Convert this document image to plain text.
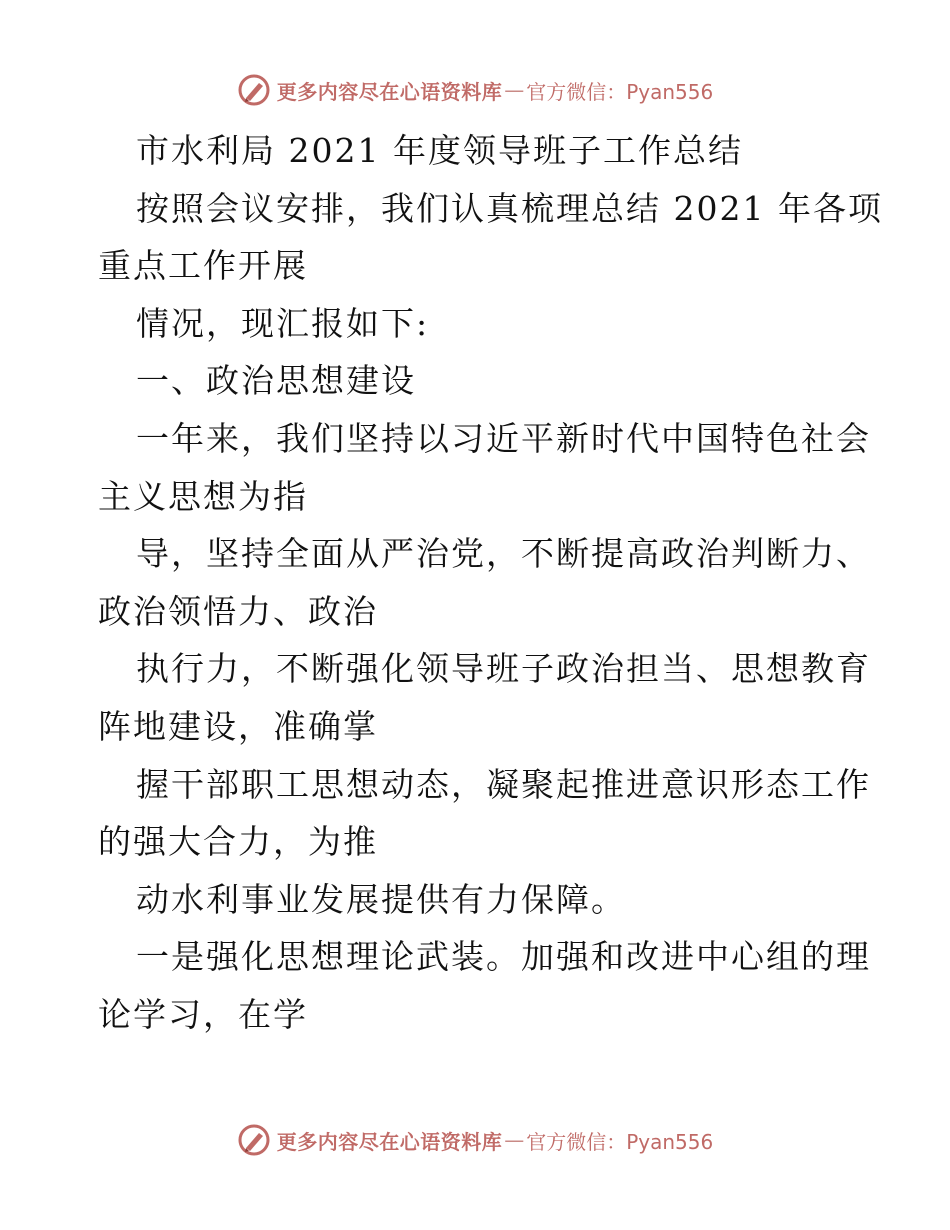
更多内容尽在心语资料库 — 官方微信：Pyan556
市水利局 2021 年度领导班子工作总结
按照会议安排，我们认真梳理总结 2021 年各项
重点工作开展
情况，现汇报如下:
一、政治思想建设
一年来，我们坚持以习近平新时代中国特色社会
主义思想为指
导，坚持全面从严治党，不断提高政治判断力、
政治领悟力、政治
执行力，不断强化领导班子政治担当、思想教育
阵地建设，准确掌
握干部职工思想动态，凝聚起推进意识形态工作
的强大合力，为推
动水利事业发展提供有力保障。
一是强化思想理论武装。加强和改进中心组的理
论学习，在学
更多内容尽在心语资料库 — 官方微信：Pyan556
